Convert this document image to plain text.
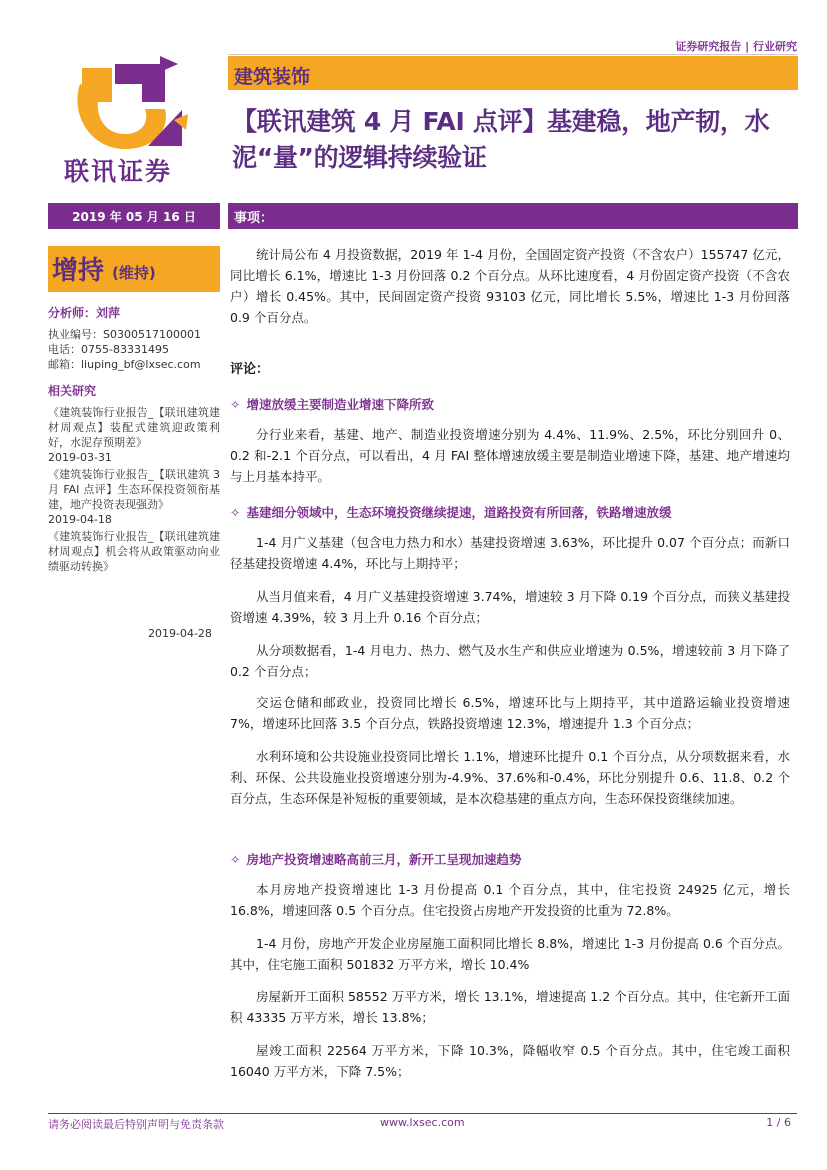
证券研究报告 | 行业研究
建筑装饰
【联讯建筑 4 月 FAI 点评】基建稳，地产韧，水泥“量”的逻辑持续验证
联讯证券
2019 年 05 月 16 日	事项：
增持 (维持)
分析师：刘萍
执业编号：S0300517100001
电话：0755-83331495
邮箱：liuping_bf@lxsec.com
相关研究

《建筑装饰行业报告_【联讯建筑建材周观点】装配式建筑迎政策利好，水泥存预期差》

2019-03-31

《建筑装饰行业报告_【联讯建筑 3 月 FAI 点评】生态环保投资领衔基建，地产投资表现强劲》

2019-04-18

《建筑装饰行业报告_【联讯建筑建材周观点】机会将从政策驱动向业绩驱动转换》

2019-04-28

统计局公布 4 月投资数据，2019 年 1-4 月份，全国固定资产投资（不含农户）155747 亿元，同比增长 6.1%，增速比 1-3 月份回落 0.2 个百分点。从环比速度看，4 月份固定资产投资（不含农户）增长 0.45%。其中，民间固定资产投资 93103 亿元，同比增长 5.5%，增速比 1-3 月份回落 0.9 个百分点。

评论：
✧ 增速放缓主要制造业增速下降所致

分行业来看，基建、地产、制造业投资增速分别为 4.4%、11.9%、2.5%，环比分别回升 0、0.2 和-2.1 个百分点，可以看出，4 月 FAI 整体增速放缓主要是制造业增速下降，基建、地产增速均与上月基本持平。

✧ 基建细分领域中，生态环境投资继续提速，道路投资有所回落，铁路增速放缓

1-4 月广义基建（包含电力热力和水）基建投资增速 3.63%，环比提升 0.07 个百分点；而新口径基建投资增速 4.4%，环比与上期持平；

从当月值来看，4 月广义基建投资增速 3.74%，增速较 3 月下降 0.19 个百分点，而狭义基建投资增速 4.39%，较 3 月上升 0.16 个百分点；

从分项数据看，1-4 月电力、热力、燃气及水生产和供应业增速为 0.5%，增速较前 3 月下降了 0.2 个百分点；

交运仓储和邮政业，投资同比增长 6.5%，增速环比与上期持平，其中道路运输业投资增速 7%，增速环比回落 3.5 个百分点，铁路投资增速 12.3%，增速提升 1.3 个百分点；

水利环境和公共设施业投资同比增长 1.1%，增速环比提升 0.1 个百分点，从分项数据来看，水利、环保、公共设施业投资增速分别为-4.9%、37.6%和-0.4%，环比分别提升 0.6、11.8、0.2 个百分点，生态环保是补短板的重要领域，是本次稳基建的重点方向，生态环保投资继续加速。

✧ 房地产投资增速略高前三月，新开工呈现加速趋势

本月房地产投资增速比 1-3 月份提高 0.1 个百分点，其中，住宅投资 24925 亿元，增长 16.8%，增速回落 0.5 个百分点。住宅投资占房地产开发投资的比重为 72.8%。

1-4 月份，房地产开发企业房屋施工面积同比增长 8.8%，增速比 1-3 月份提高 0.6 个百分点。其中，住宅施工面积 501832 万平方米，增长 10.4%

房屋新开工面积 58552 万平方米，增长 13.1%，增速提高 1.2 个百分点。其中，住宅新开工面积 43335 万平方米，增长 13.8%；

屋竣工面积 22564 万平方米，下降 10.3%，降幅收窄 0.5 个百分点。其中，住宅竣工面积 16040 万平方米，下降 7.5%；

请务必阅读最后特别声明与免责条款	www.lxsec.com	1 / 6
